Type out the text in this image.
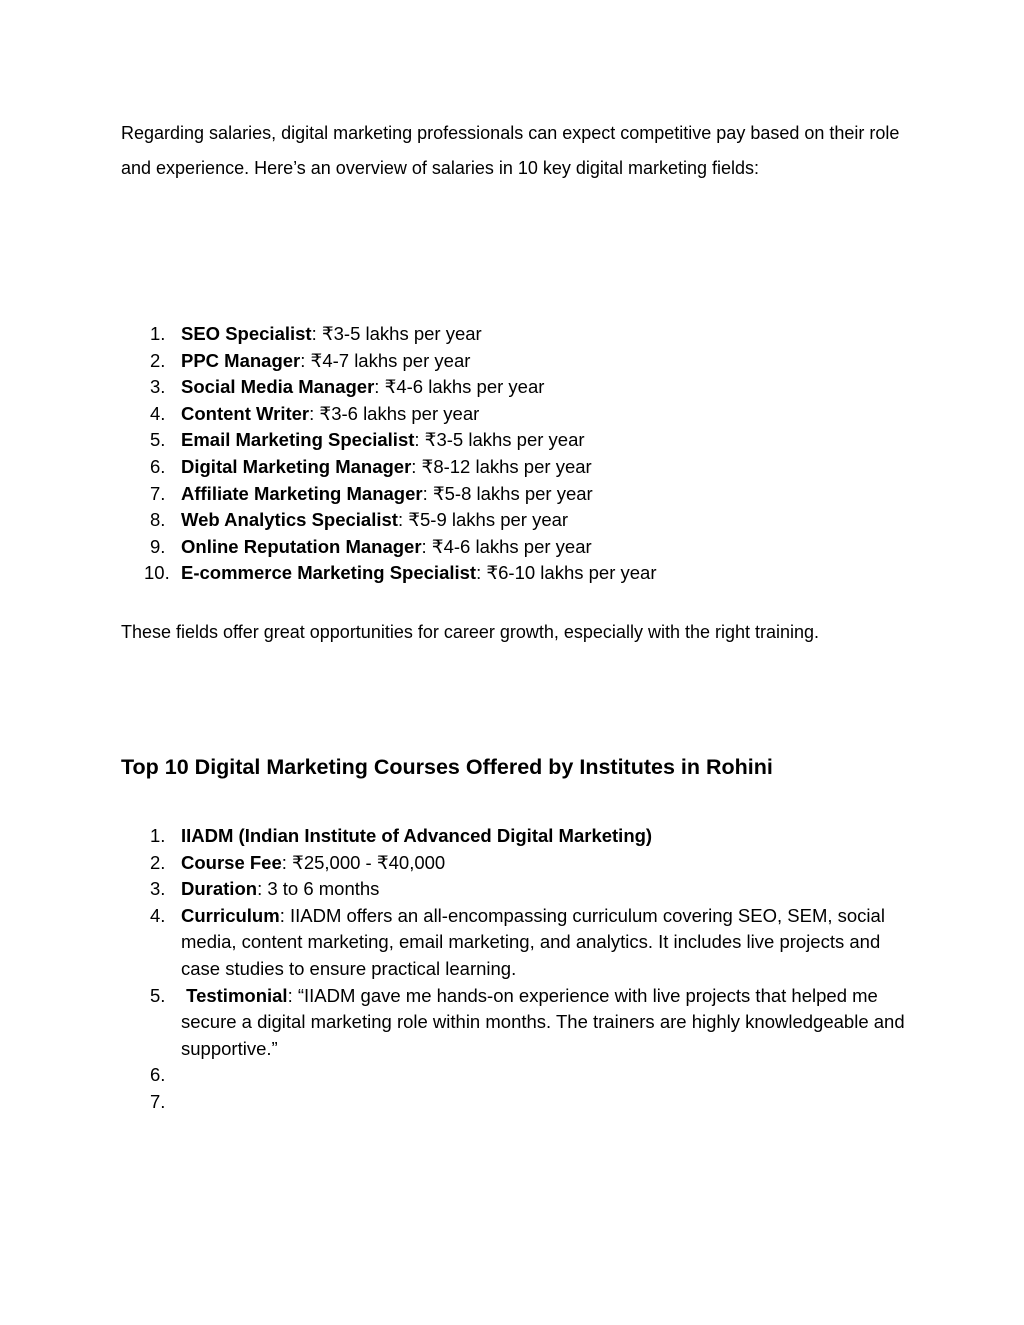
Regarding salaries, digital marketing professionals can expect competitive pay based on their role and experience. Here’s an overview of salaries in 10 key digital marketing fields:

1. SEO Specialist: ₹3-5 lakhs per year
2. PPC Manager: ₹4-7 lakhs per year
3. Social Media Manager: ₹4-6 lakhs per year
4. Content Writer: ₹3-6 lakhs per year
5. Email Marketing Specialist: ₹3-5 lakhs per year
6. Digital Marketing Manager: ₹8-12 lakhs per year
7. Affiliate Marketing Manager: ₹5-8 lakhs per year
8. Web Analytics Specialist: ₹5-9 lakhs per year
9. Online Reputation Manager: ₹4-6 lakhs per year
10. E-commerce Marketing Specialist: ₹6-10 lakhs per year

These fields offer great opportunities for career growth, especially with the right training.

Top 10 Digital Marketing Courses Offered by Institutes in Rohini
1. IIADM (Indian Institute of Advanced Digital Marketing)
2. Course Fee: ₹25,000 - ₹40,000
3. Duration: 3 to 6 months
4. Curriculum: IIADM offers an all-encompassing curriculum covering SEO, SEM, social media, content marketing, email marketing, and analytics. It includes live projects and case studies to ensure practical learning.
5. Testimonial: “IIADM gave me hands-on experience with live projects that helped me secure a digital marketing role within months. The trainers are highly knowledgeable and supportive.”
6.

7.
